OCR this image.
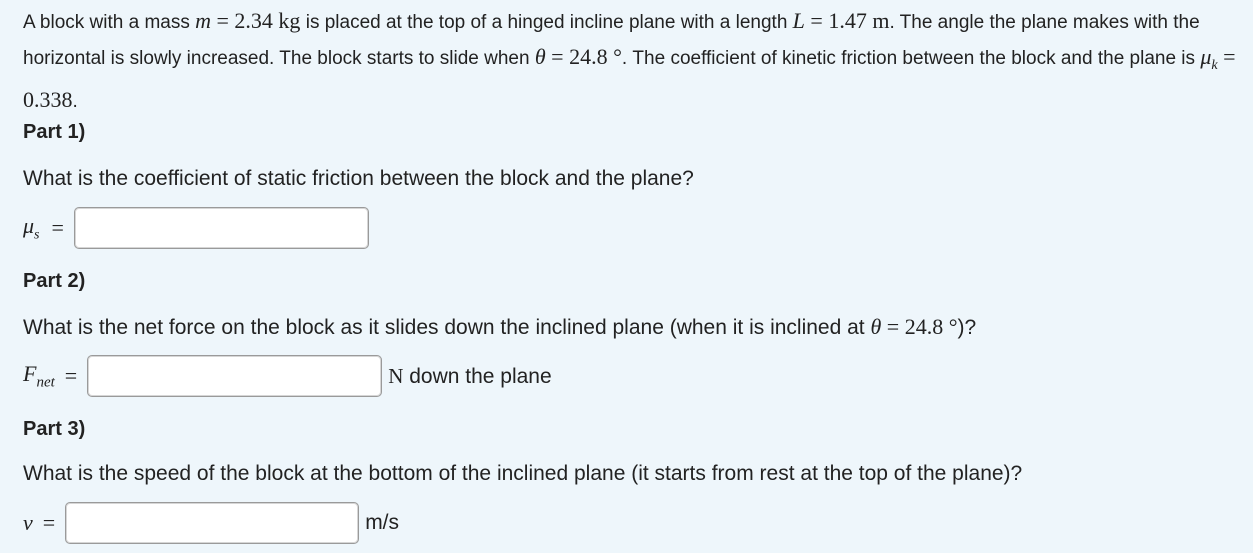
A block with a mass m = 2.34 kg is placed at the top of a hinged incline plane with a length L = 1.47 m. The angle the plane makes with the horizontal is slowly increased. The block starts to slide when θ = 24.8 °. The coefficient of kinetic friction between the block and the plane is $\mu_k = 0.338$.
Part 1)
What is the coefficient of static friction between the block and the plane?
$\mu_s$ =
Part 2)
What is the net force on the block as it slides down the inclined plane (when it is inclined at θ = 24.8 °)?
$F_{net}$ =	N down the plane
Part 3)
What is the speed of the block at the bottom of the inclined plane (it starts from rest at the top of the plane)?
v =	m/s
